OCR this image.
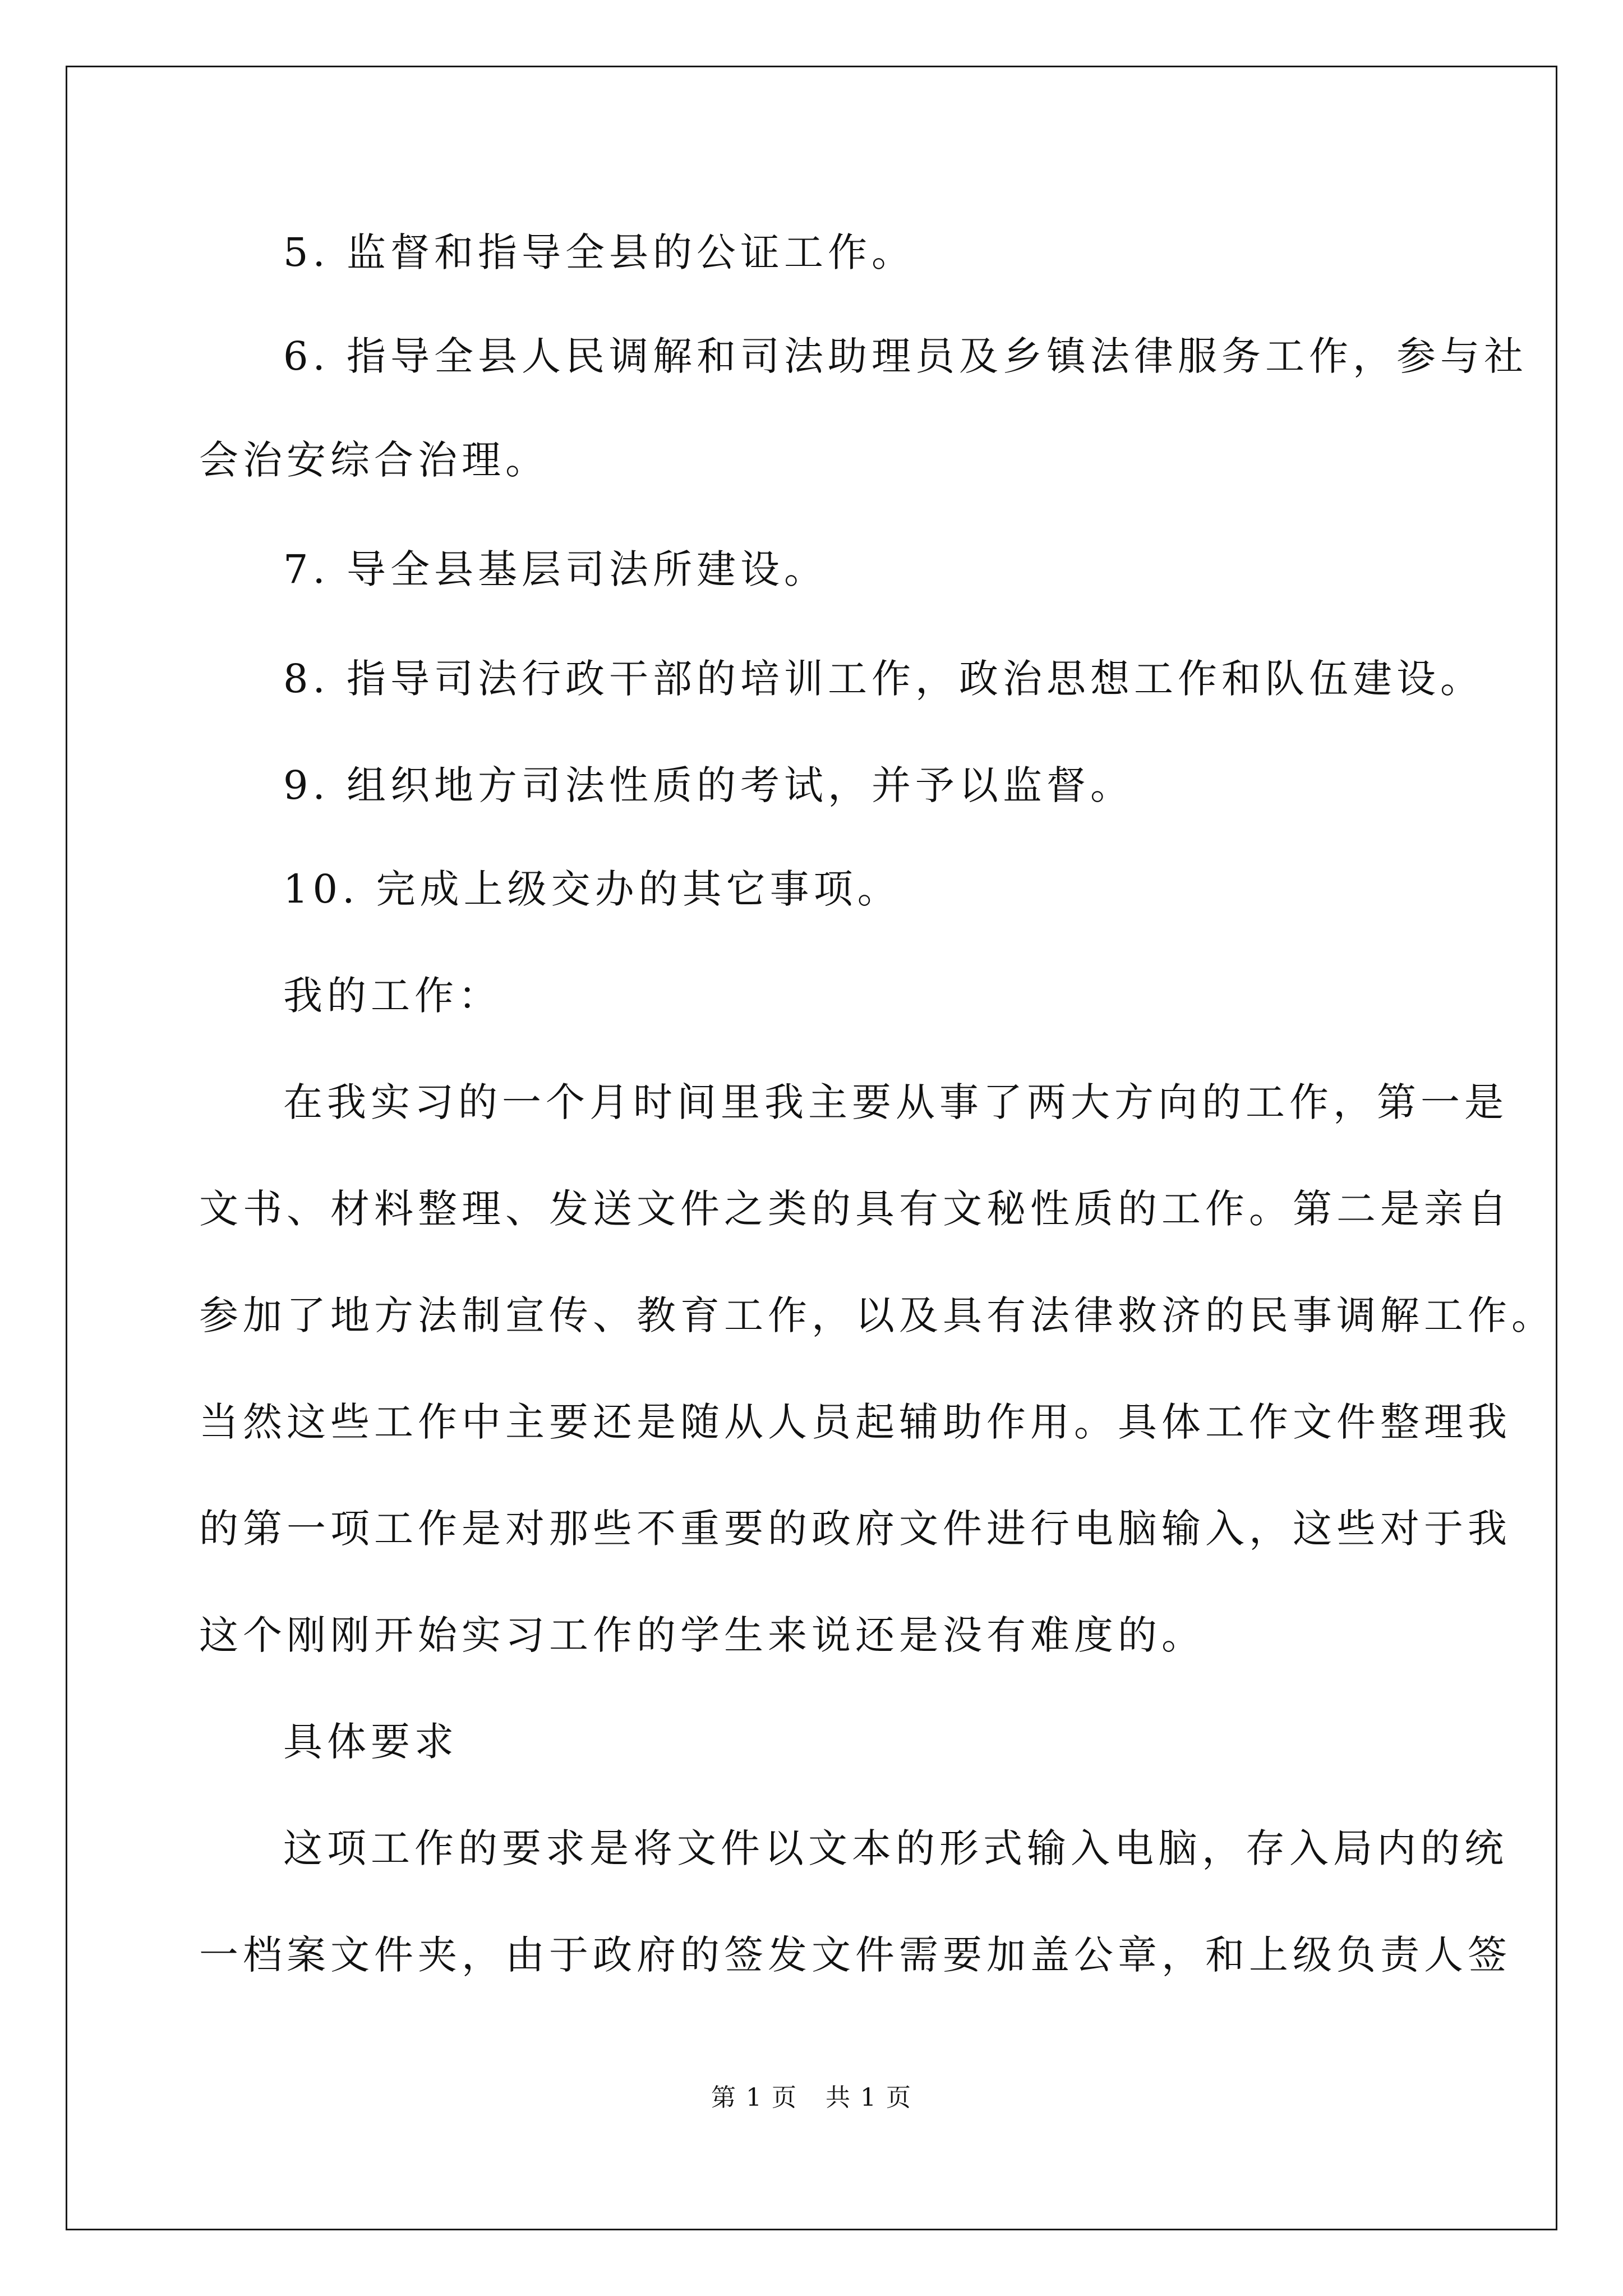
5. 监督和指导全县的公证工作。
6. 指导全县人民调解和司法助理员及乡镇法律服务工作，参与社
会治安综合治理。
7. 导全县基层司法所建设。
8. 指导司法行政干部的培训工作，政治思想工作和队伍建设。
9. 组织地方司法性质的考试，并予以监督。
10. 完成上级交办的其它事项。
我的工作：
在我实习的一个月时间里我主要从事了两大方向的工作，第一是
文书、材料整理、发送文件之类的具有文秘性质的工作。第二是亲自
参加了地方法制宣传、教育工作，以及具有法律救济的民事调解工作。
当然这些工作中主要还是随从人员起辅助作用。具体工作文件整理我
的第一项工作是对那些不重要的政府文件进行电脑输入，这些对于我
这个刚刚开始实习工作的学生来说还是没有难度的。
具体要求
这项工作的要求是将文件以文本的形式输入电脑，存入局内的统
一档案文件夹，由于政府的签发文件需要加盖公章，和上级负责人签
第 1 页 共 1 页
